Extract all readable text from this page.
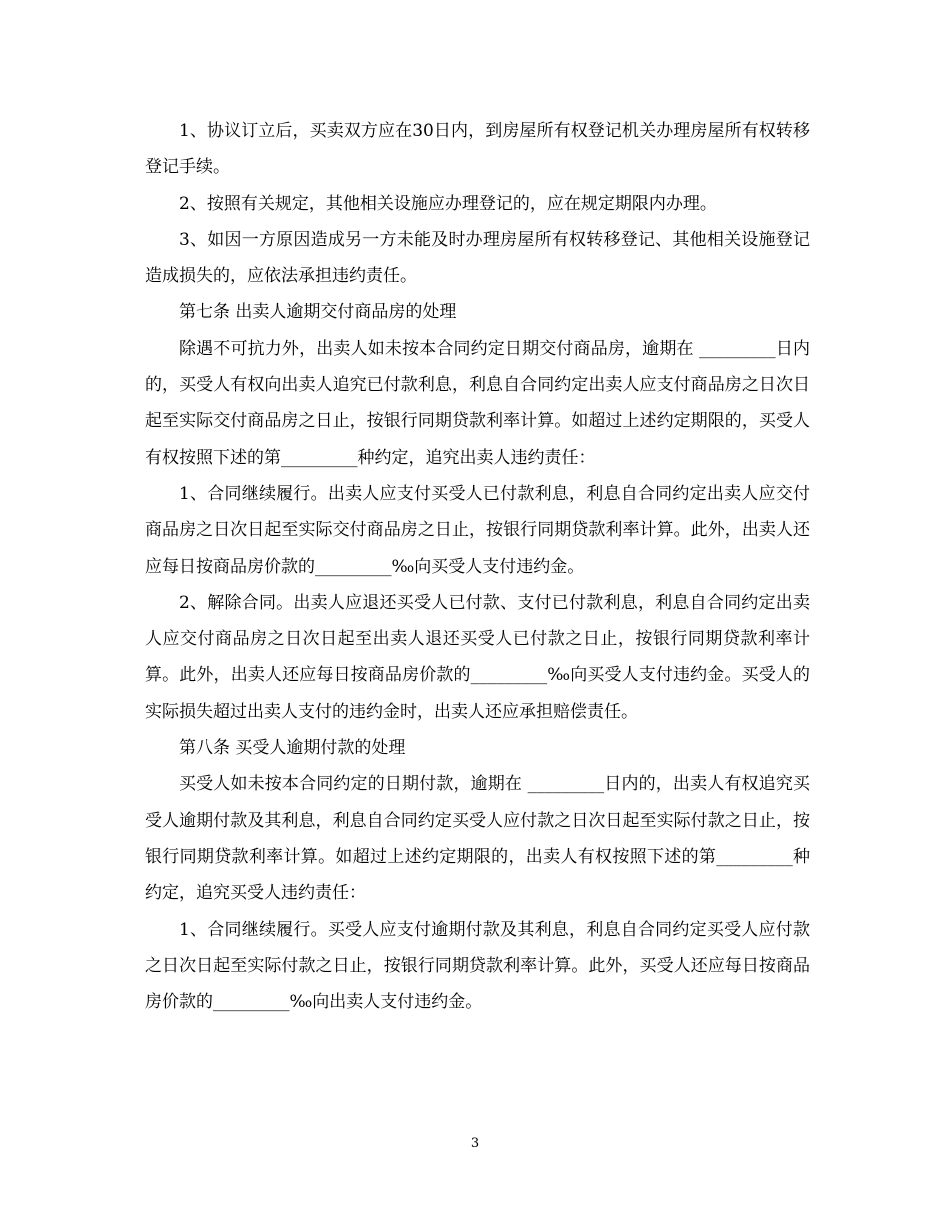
1、协议订立后，买卖双方应在30日内，到房屋所有权登记机关办理房屋所有权转移登记手续。

2、按照有关规定，其他相关设施应办理登记的，应在规定期限内办理。

3、如因一方原因造成另一方未能及时办理房屋所有权转移登记、其他相关设施登记造成损失的，应依法承担违约责任。

第七条 出卖人逾期交付商品房的处理

除遇不可抗力外，出卖人如未按本合同约定日期交付商品房，逾期在 _________日内的，买受人有权向出卖人追究已付款利息，利息自合同约定出卖人应支付商品房之日次日起至实际交付商品房之日止，按银行同期贷款利率计算。如超过上述约定期限的，买受人有权按照下述的第_________种约定，追究出卖人违约责任：

1、合同继续履行。出卖人应支付买受人已付款利息，利息自合同约定出卖人应交付商品房之日次日起至实际交付商品房之日止，按银行同期贷款利率计算。此外，出卖人还应每日按商品房价款的_________‰向买受人支付违约金。

2、解除合同。出卖人应退还买受人已付款、支付已付款利息，利息自合同约定出卖人应交付商品房之日次日起至出卖人退还买受人已付款之日止，按银行同期贷款利率计算。此外，出卖人还应每日按商品房价款的_________‰向买受人支付违约金。买受人的实际损失超过出卖人支付的违约金时，出卖人还应承担赔偿责任。

第八条 买受人逾期付款的处理

买受人如未按本合同约定的日期付款，逾期在 _________日内的，出卖人有权追究买受人逾期付款及其利息，利息自合同约定买受人应付款之日次日起至实际付款之日止，按银行同期贷款利率计算。如超过上述约定期限的，出卖人有权按照下述的第_________种约定，追究买受人违约责任：

1、合同继续履行。买受人应支付逾期付款及其利息，利息自合同约定买受人应付款之日次日起至实际付款之日止，按银行同期贷款利率计算。此外，买受人还应每日按商品房价款的_________‰向出卖人支付违约金。

3
